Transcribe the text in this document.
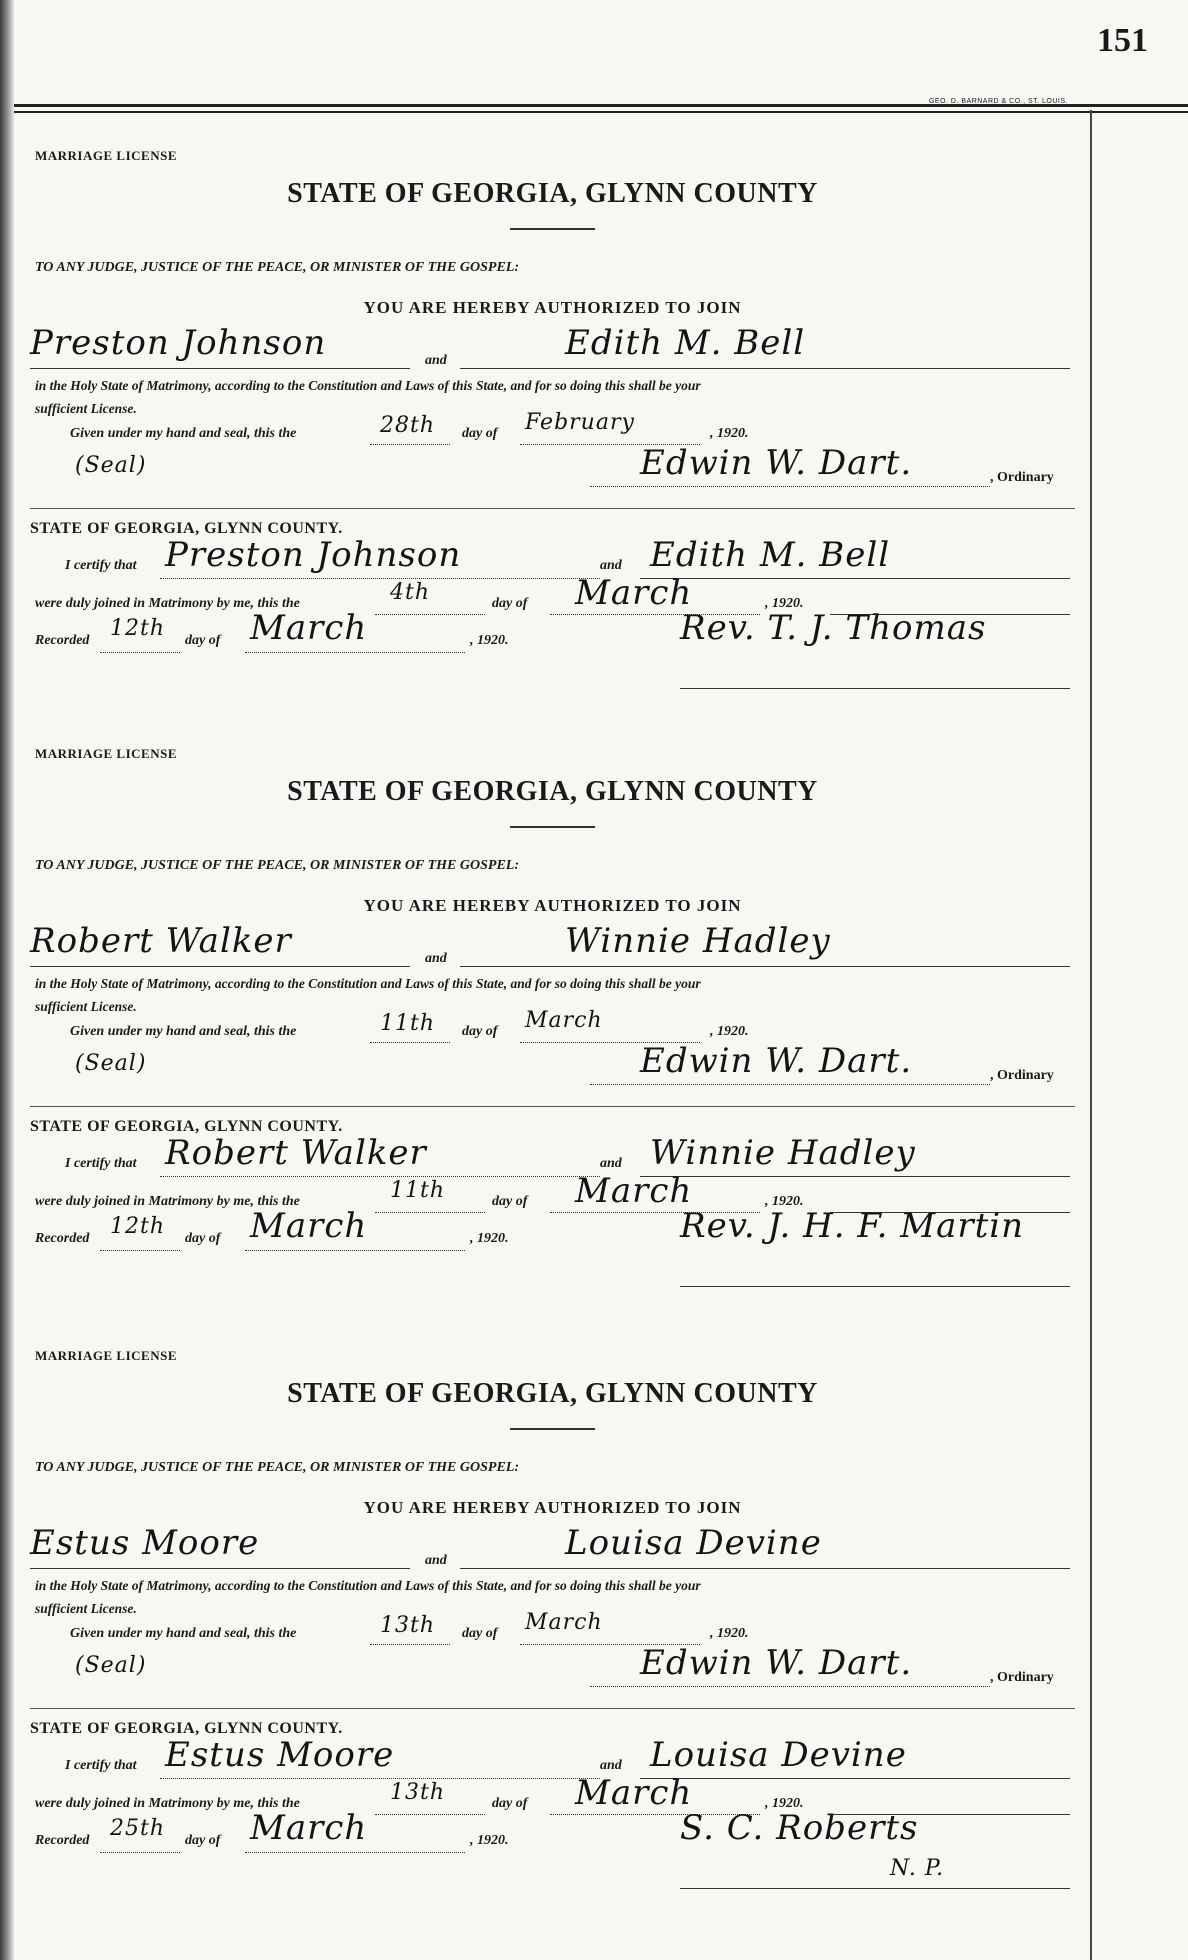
151
GEO. D. BARNARD & CO., ST. LOUIS.
MARRIAGE LICENSE
STATE OF GEORGIA, GLYNN COUNTY
TO ANY JUDGE, JUSTICE OF THE PEACE, OR MINISTER OF THE GOSPEL:
YOU ARE HEREBY AUTHORIZED TO JOIN
Preston Johnson	and	Edith M. Bell
in the Holy State of Matrimony, according to the Constitution and Laws of this State, and for so doing this shall be your
sufficient License.
Given under my hand and seal, this the	28th day of February	, 1920.
(Seal)	Edwin W. Dart.	, Ordinary
STATE OF GEORGIA, GLYNN COUNTY.
I certify that Preston Johnson	and Edith M. Bell
were duly joined in Matrimony by me, this the	4th	day of March	, 1920.
Recorded 12th day of March	, 1920.	Rev. T. J. Thomas
MARRIAGE LICENSE
STATE OF GEORGIA, GLYNN COUNTY
TO ANY JUDGE, JUSTICE OF THE PEACE, OR MINISTER OF THE GOSPEL:
YOU ARE HEREBY AUTHORIZED TO JOIN
Robert Walker	and	Winnie Hadley
in the Holy State of Matrimony, according to the Constitution and Laws of this State, and for so doing this shall be your
sufficient License.
Given under my hand and seal, this the	11th day of March	, 1920.
(Seal)	Edwin W. Dart.	, Ordinary
STATE OF GEORGIA, GLYNN COUNTY.
I certify that Robert Walker	and Winnie Hadley
were duly joined in Matrimony by me, this the	11th	day of March	, 1920.
Recorded 12th day of March	, 1920.	Rev. J. H. F. Martin
MARRIAGE LICENSE
STATE OF GEORGIA, GLYNN COUNTY
TO ANY JUDGE, JUSTICE OF THE PEACE, OR MINISTER OF THE GOSPEL:
YOU ARE HEREBY AUTHORIZED TO JOIN
Estus Moore	and	Louisa Devine
in the Holy State of Matrimony, according to the Constitution and Laws of this State, and for so doing this shall be your
sufficient License.
Given under my hand and seal, this the	13th day of March	, 1920.
(Seal)	Edwin W. Dart.	, Ordinary
STATE OF GEORGIA, GLYNN COUNTY.
I certify that Estus Moore	and Louisa Devine
were duly joined in Matrimony by me, this the	13th	day of March	, 1920.
Recorded 25th day of March	, 1920.	S. C. Roberts
N. P.
